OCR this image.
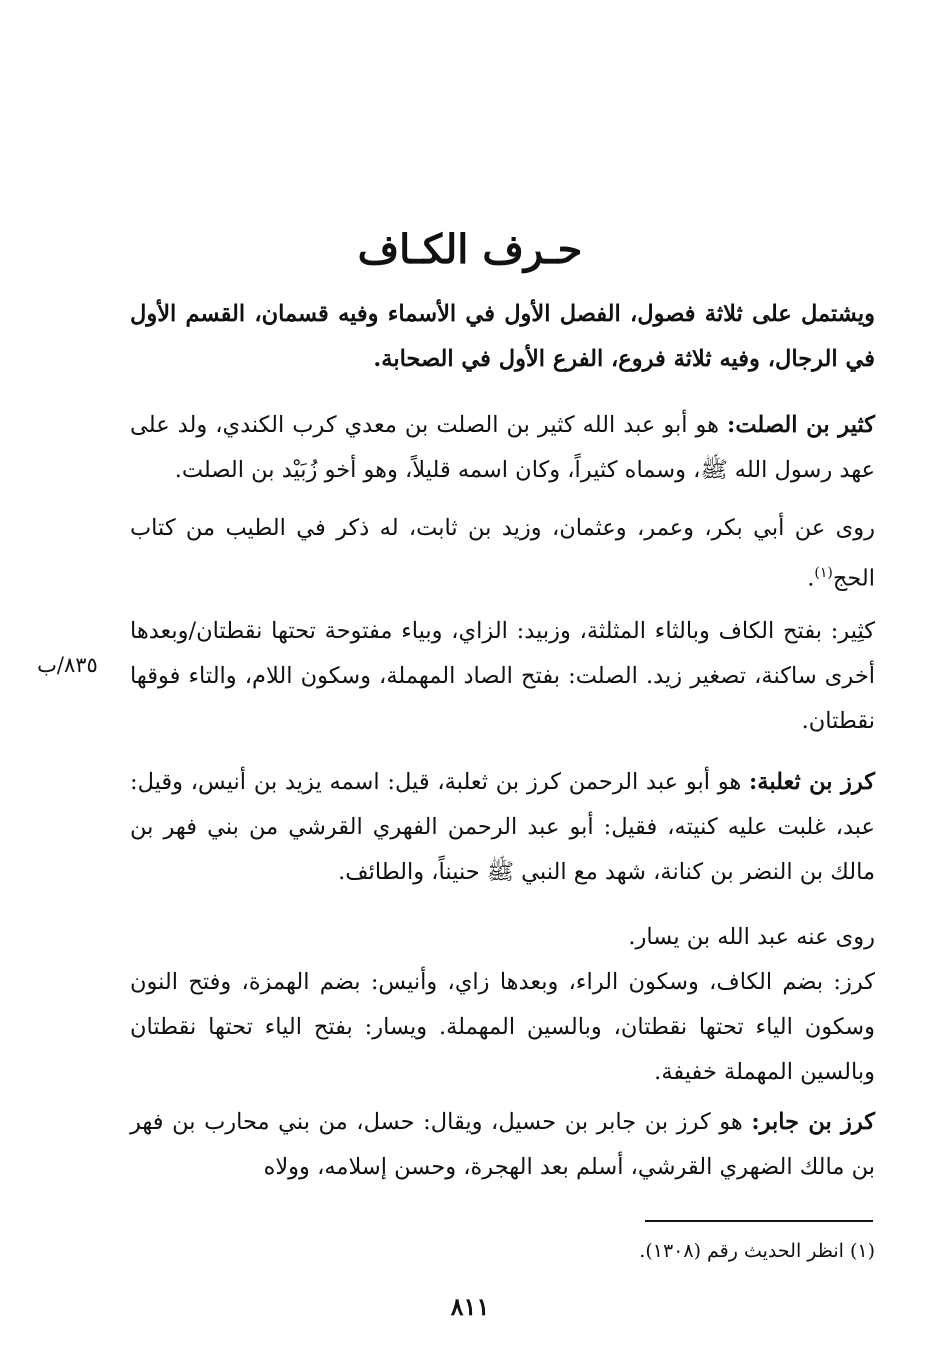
حـرف الكـاف
ويشتمل على ثلاثة فصول، الفصل الأول في الأسماء وفيه قسمان، القسم الأول في الرجال، وفيه ثلاثة فروع، الفرع الأول في الصحابة.
كثير بن الصلت: هو أبو عبد الله كثير بن الصلت بن معدي كرب الكندي، ولد على عهد رسول الله ﷺ، وسماه كثيراً، وكان اسمه قليلاً، وهو أخو زُبَيْد بن الصلت.
روى عن أبي بكر، وعمر، وعثمان، وزيد بن ثابت، له ذكر في الطيب من كتاب الحج$^{(١)}$.
كثِير: بفتح الكاف وبالثاء المثلثة، وزبيد: الزاي، وبياء مفتوحة تحتها نقطتان/وبعدها أخرى ساكنة، تصغير زيد. الصلت: بفتح الصاد المهملة، وسكون اللام، والتاء فوقها نقطتان.
٨٣٥/ب
كرز بن ثعلبة: هو أبو عبد الرحمن كرز بن ثعلبة، قيل: اسمه يزيد بن أنيس، وقيل: عبد، غلبت عليه كنيته، فقيل: أبو عبد الرحمن الفهري القرشي من بني فهر بن مالك بن النضر بن كنانة، شهد مع النبي ﷺ حنيناً، والطائف.
روى عنه عبد الله بن يسار.
كرز: بضم الكاف، وسكون الراء، وبعدها زاي، وأنيس: بضم الهمزة، وفتح النون وسكون الياء تحتها نقطتان، وبالسين المهملة. ويسار: بفتح الياء تحتها نقطتان وبالسين المهملة خفيفة.
كرز بن جابر: هو كرز بن جابر بن حسيل، ويقال: حسل، من بني محارب بن فهر بن مالك الضهري القرشي، أسلم بعد الهجرة، وحسن إسلامه، وولاه
(١) انظر الحديث رقم (١٣٠٨).
٨١١
